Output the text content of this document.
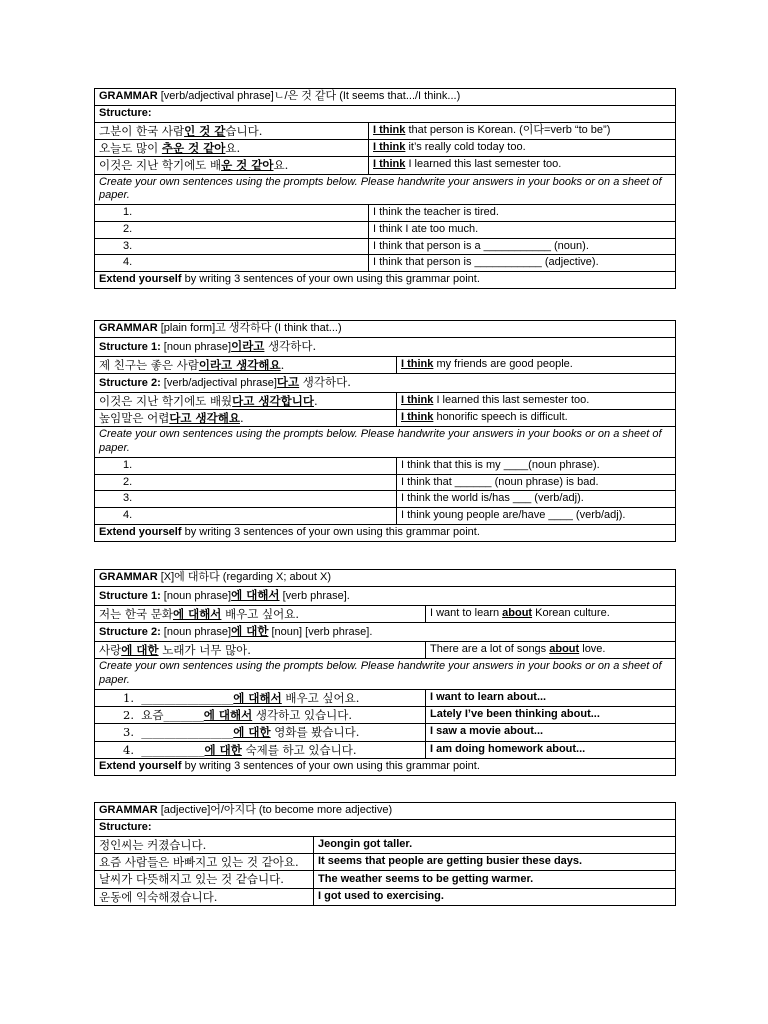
GRAMMAR [verb/adjectival phrase]ㄴ/은 것 같다 (It seems that.../I think...)	
Structure:	
그분이 한국 사람인 것 같습니다.	I think that person is Korean. (이다=verb “to be”)
오늘도 많이 추운 것 같아요.	I think it’s really cold today too.
이것은 지난 학기에도 배운 것 같아요.	I think I learned this last semester too.
Create your own sentences using the prompts below. Please handwrite your answers in your books or on a sheet of paper.	
1.	I think the teacher is tired.
2.	I think I ate too much.
3.	I think that person is a ___________ (noun).
4.	I think that person is ___________ (adjective).
Extend yourself by writing 3 sentences of your own using this grammar point.	
GRAMMAR [plain form]고 생각하다 (I think that...)	
Structure 1: [noun phrase]이라고 생각하다.	
제 친구는 좋은 사람이라고 생각해요.	I think my friends are good people.
Structure 2: [verb/adjectival phrase]다고 생각하다.	
이것은 지난 학기에도 배웠다고 생각합니다.	I think I learned this last semester too.
높임말은 어렵다고 생각해요.	I think honorific speech is difficult.
Create your own sentences using the prompts below. Please handwrite your answers in your books or on a sheet of paper.	
1.	I think that this is my ____(noun phrase).
2.	I think that ______ (noun phrase) is bad.
3.	I think the world is/has ___ (verb/adj).
4.	I think young people are/have ____ (verb/adj).
Extend yourself by writing 3 sentences of your own using this grammar point.	
GRAMMAR [X]에 대하다 (regarding X; about X)	
Structure 1: [noun phrase]에 대해서 [verb phrase].	
저는 한국 문화에 대해서 배우고 싶어요.	I want to learn about Korean culture.
Structure 2: [noun phrase]에 대한 [noun] [verb phrase].	
사랑에 대한 노래가 너무 많아.	There are a lot of songs about love.
Create your own sentences using the prompts below. Please handwrite your answers in your books or on a sheet of paper.	
1. ________________에 대해서 배우고 싶어요.	I want to learn about...
2. 요즘_______에 대해서 생각하고 있습니다.	Lately I’ve been thinking about...
3. ________________에 대한 영화를 봤습니다.	I saw a movie about...
4. ___________에 대한 숙제를 하고 있습니다.	I am doing homework about...
Extend yourself by writing 3 sentences of your own using this grammar point.	
GRAMMAR [adjective]어/아지다 (to become more adjective)	
Structure:	
정인씨는 커졌습니다.	Jeongin got taller.
요즘 사람들은 바빠지고 있는 것 같아요.	It seems that people are getting busier these days.
날씨가 다뜻해지고 있는 것 같습니다.	The weather seems to be getting warmer.
운동에 익숙해졌습니다.	I got used to exercising.
